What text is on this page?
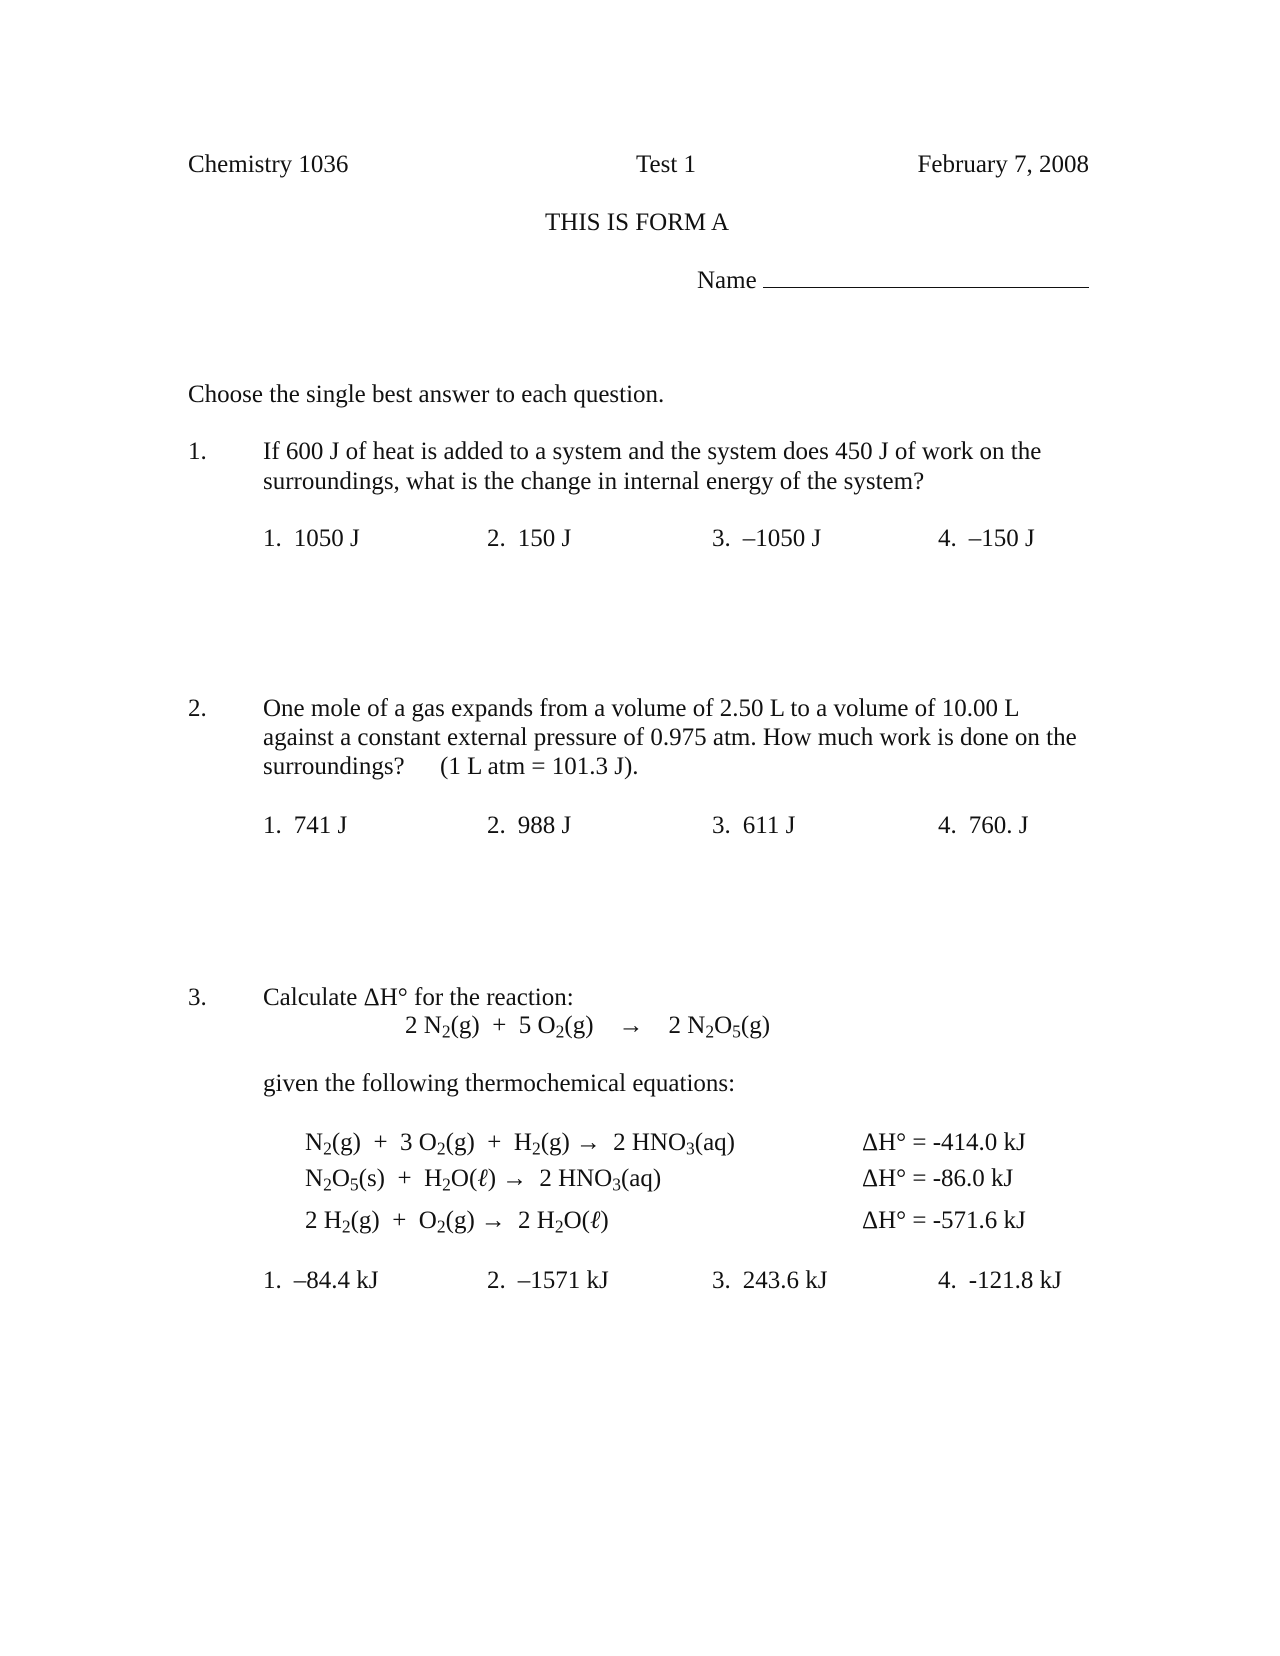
Chemistry 1036	Test 1	February 7, 2008
THIS IS FORM A
Name
Choose the single best answer to each question.
1. If 600 J of heat is added to a system and the system does 450 J of work on the surroundings, what is the change in internal energy of the system?
1. 1050 J	2. 150 J	3. –1050 J	4. –150 J
2. One mole of a gas expands from a volume of 2.50 L to a volume of 10.00 L
against a constant external pressure of 0.975 atm. How much work is done on the
surroundings? (1 L atm = 101.3 J).
1. 741 J	2. 988 J	3. 611 J	4. 760. J
3. Calculate ΔH° for the reaction:
2 $N_2(g) + 5$ $O_2(g)$    →    2 $N_2O_5(g)$
given the following thermochemical equations:
$N_2(g) + 3$ $O_2(g) + H_2(g) \to 2$ $HNO_3(aq)$	ΔH° = -414.0 kJ
$N_2O_5(s)$  +  $H_2O(\ell) \to 2$ $HNO_3(aq)$	ΔH° = -86.0 kJ
2 $H_2(g) + O_2(g) \to 2$ $H_2O(\ell)$	ΔH° = -571.6 kJ
1. –84.4 kJ	2. –1571 kJ	3. 243.6 kJ	4. -121.8 kJ
